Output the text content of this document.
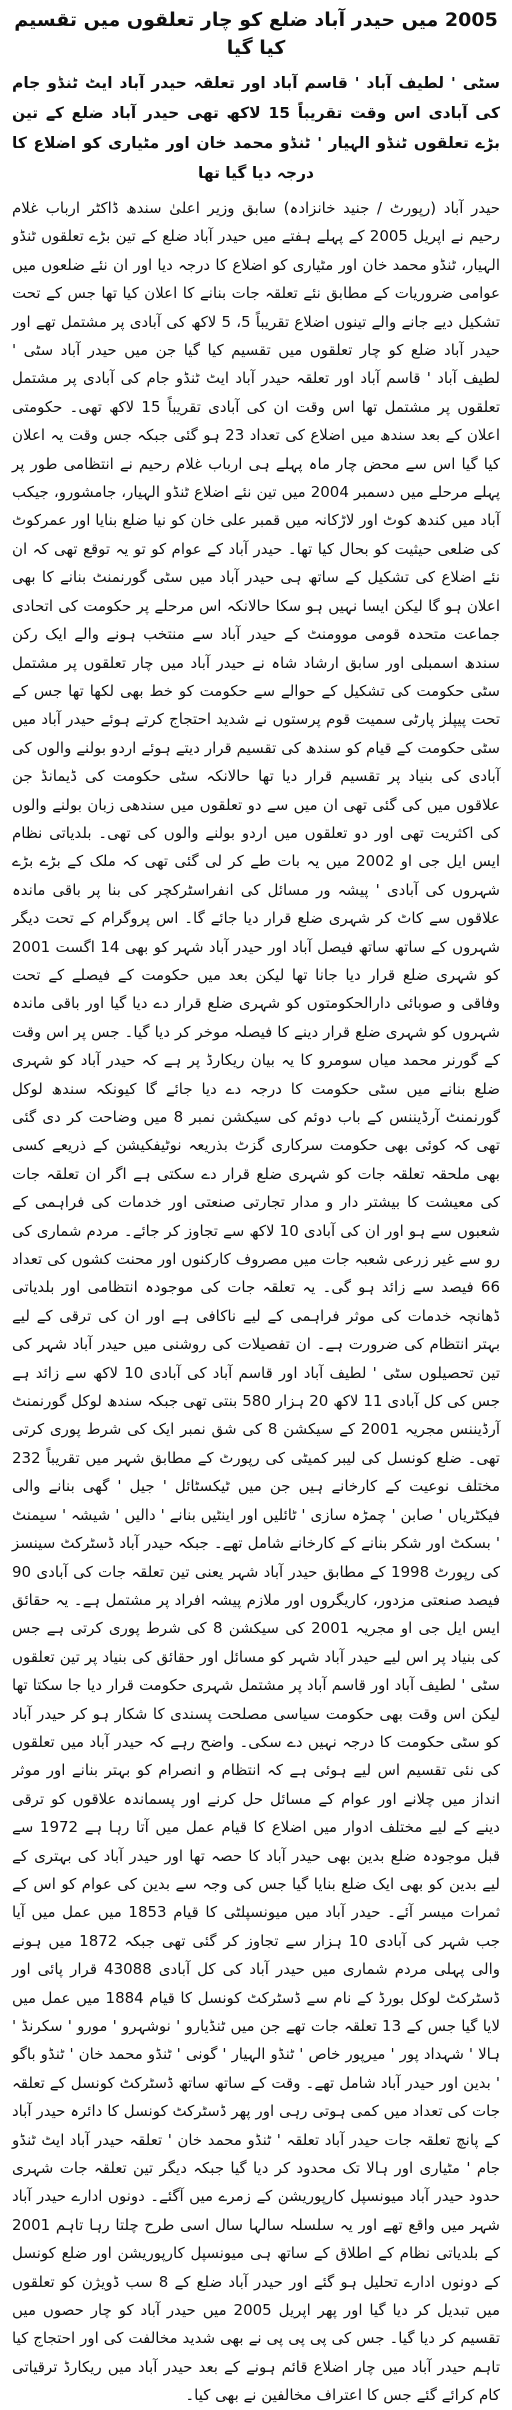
2005 میں حیدر آباد ضلع کو چار تعلقوں میں تقسیم کیا گیا
سٹی ' لطیف آباد ' قاسم آباد اور تعلقہ حیدر آباد ایٹ ٹنڈو جام کی آبادی اس وقت تقریباً 15 لاکھ تھی حیدر آباد ضلع کے تین بڑے تعلقوں ٹنڈو الہیار ' ٹنڈو محمد خان اور مٹیاری کو اضلاع کا درجہ دیا گیا تھا

حیدر آباد (رپورٹ / جنید خانزادہ) سابق وزیر اعلیٰ سندھ ڈاکٹر ارباب غلام رحیم نے اپریل 2005 کے پہلے ہفتے میں حیدر آباد ضلع کے تین بڑے تعلقوں ٹنڈو الہیار، ٹنڈو محمد خان اور مٹیاری کو اضلاع کا درجہ دیا اور ان نئے ضلعوں میں عوامی ضروریات کے مطابق نئے تعلقہ جات بنانے کا اعلان کیا تھا جس کے تحت تشکیل دیے جانے والے تینوں اضلاع تقریباً 5، 5 لاکھ کی آبادی پر مشتمل تھے اور حیدر آباد ضلع کو چار تعلقوں میں تقسیم کیا گیا جن میں حیدر آباد سٹی ' لطیف آباد ' قاسم آباد اور تعلقہ حیدر آباد ایٹ ٹنڈو جام کی آبادی پر مشتمل تعلقوں پر مشتمل تھا اس وقت ان کی آبادی تقریباً 15 لاکھ تھی۔ حکومتی اعلان کے بعد سندھ میں اضلاع کی تعداد 23 ہو گئی جبکہ جس وقت یہ اعلان کیا گیا اس سے محض چار ماہ پہلے ہی ارباب غلام رحیم نے انتظامی طور پر پہلے مرحلے میں دسمبر 2004 میں تین نئے اضلاع ٹنڈو الہیار، جامشورو، جیکب آباد میں کندھ کوٹ اور لاڑکانہ میں قمبر علی خان کو نیا ضلع بنایا اور عمرکوٹ کی ضلعی حیثیت کو بحال کیا تھا۔ حیدر آباد کے عوام کو تو یہ توقع تھی کہ ان نئے اضلاع کی تشکیل کے ساتھ ہی حیدر آباد میں سٹی گورنمنٹ بنانے کا بھی اعلان ہو گا لیکن ایسا نہیں ہو سکا حالانکہ اس مرحلے پر حکومت کی اتحادی جماعت متحدہ قومی موومنٹ کے حیدر آباد سے منتخب ہونے والے ایک رکن سندھ اسمبلی اور سابق ارشاد شاہ نے حیدر آباد میں چار تعلقوں پر مشتمل سٹی حکومت کی تشکیل کے حوالے سے حکومت کو خط بھی لکھا تھا جس کے تحت پیپلز پارٹی سمیت قوم پرستوں نے شدید احتجاج کرتے ہوئے حیدر آباد میں سٹی حکومت کے قیام کو سندھ کی تقسیم قرار دیتے ہوئے اردو بولنے والوں کی آبادی کی بنیاد پر تقسیم قرار دیا تھا حالانکہ سٹی حکومت کی ڈیمانڈ جن علاقوں میں کی گئی تھی ان میں سے دو تعلقوں میں سندھی زبان بولنے والوں کی اکثریت تھی اور دو تعلقوں میں اردو بولنے والوں کی تھی۔ بلدیاتی نظام ایس ایل جی او 2002 میں یہ بات طے کر لی گئی تھی کہ ملک کے بڑے بڑے شہروں کی آبادی ' پیشہ ور مسائل کی انفراسٹرکچر کی بنا پر باقی ماندہ علاقوں سے کاٹ کر شہری ضلع قرار دیا جائے گا۔ اس پروگرام کے تحت دیگر شہروں کے ساتھ ساتھ فیصل آباد اور حیدر آباد شہر کو بھی 14 اگست 2001 کو شہری ضلع قرار دیا جانا تھا لیکن بعد میں حکومت کے فیصلے کے تحت وفاقی و صوبائی دارالحکومتوں کو شہری ضلع قرار دے دیا گیا اور باقی ماندہ شہروں کو شہری ضلع قرار دینے کا فیصلہ موخر کر دیا گیا۔ جس پر اس وقت کے گورنر محمد میاں سومرو کا یہ بیان ریکارڈ پر ہے کہ حیدر آباد کو شہری ضلع بنانے میں سٹی حکومت کا درجہ دے دیا جائے گا کیونکہ سندھ لوکل گورنمنٹ آرڈیننس کے باب دوئم کی سیکشن نمبر 8 میں وضاحت کر دی گئی تھی کہ کوئی بھی حکومت سرکاری گزٹ بذریعہ نوٹیفکیشن کے ذریعے کسی بھی ملحقہ تعلقہ جات کو شہری ضلع قرار دے سکتی ہے اگر ان تعلقہ جات کی معیشت کا بیشتر دار و مدار تجارتی صنعتی اور خدمات کی فراہمی کے شعبوں سے ہو اور ان کی آبادی 10 لاکھ سے تجاوز کر جائے۔ مردم شماری کی رو سے غیر زرعی شعبہ جات میں مصروف کارکنوں اور محنت کشوں کی تعداد 66 فیصد سے زائد ہو گی۔ یہ تعلقہ جات کی موجودہ انتظامی اور بلدیاتی ڈھانچہ خدمات کی موثر فراہمی کے لیے ناکافی ہے اور ان کی ترقی کے لیے بہتر انتظام کی ضرورت ہے۔ ان تفصیلات کی روشنی میں حیدر آباد شہر کی تین تحصیلوں سٹی ' لطیف آباد اور قاسم آباد کی آبادی 10 لاکھ سے زائد ہے جس کی کل آبادی 11 لاکھ 20 ہزار 580 بنتی تھی جبکہ سندھ لوکل گورنمنٹ آرڈیننس مجریہ 2001 کے سیکشن 8 کی شق نمبر ایک کی شرط پوری کرتی تھی۔ ضلع کونسل کی لیبر کمیٹی کی رپورٹ کے مطابق شہر میں تقریباً 232 مختلف نوعیت کے کارخانے ہیں جن میں ٹیکسٹائل ' جیل ' گھی بنانے والی فیکٹریاں ' صابن ' چمڑہ سازی ' ٹائلیں اور اینٹیں بنانے ' دالیں ' شیشہ ' سیمنٹ ' بسکٹ اور شکر بنانے کے کارخانے شامل تھے۔ جبکہ حیدر آباد ڈسٹرکٹ سینسز کی رپورٹ 1998 کے مطابق حیدر آباد شہر یعنی تین تعلقہ جات کی آبادی 90 فیصد صنعتی مزدور، کاریگروں اور ملازم پیشہ افراد پر مشتمل ہے۔ یہ حقائق ایس ایل جی او مجریہ 2001 کی سیکشن 8 کی شرط پوری کرتی ہے جس کی بنیاد پر اس لیے حیدر آباد شہر کو مسائل اور حقائق کی بنیاد پر تین تعلقوں سٹی ' لطیف آباد اور قاسم آباد پر مشتمل شہری حکومت قرار دیا جا سکتا تھا لیکن اس وقت بھی حکومت سیاسی مصلحت پسندی کا شکار ہو کر حیدر آباد کو سٹی حکومت کا درجہ نہیں دے سکی۔ واضح رہے کہ حیدر آباد میں تعلقوں کی نئی تقسیم اس لیے ہوئی ہے کہ انتظام و انصرام کو بہتر بنانے اور موثر انداز میں چلانے اور عوام کے مسائل حل کرنے اور پسماندہ علاقوں کو ترقی دینے کے لیے مختلف ادوار میں اضلاع کا قیام عمل میں آتا رہا ہے 1972 سے قبل موجودہ ضلع بدین بھی حیدر آباد کا حصہ تھا اور حیدر آباد کی بہتری کے لیے بدین کو بھی ایک ضلع بنایا گیا جس کی وجہ سے بدین کی عوام کو اس کے ثمرات میسر آئے۔ حیدر آباد میں میونسپلٹی کا قیام 1853 میں عمل میں آیا جب شہر کی آبادی 10 ہزار سے تجاوز کر گئی تھی جبکہ 1872 میں ہونے والی پہلی مردم شماری میں حیدر آباد کی کل آبادی 43088 قرار پائی اور ڈسٹرکٹ لوکل بورڈ کے نام سے ڈسٹرکٹ کونسل کا قیام 1884 میں عمل میں لایا گیا جس کے 13 تعلقہ جات تھے جن میں ٹنڈیارو ' نوشہرو ' مورو ' سکرنڈ ' ہالا ' شہداد پور ' میرپور خاص ' ٹنڈو الہیار ' گونی ' ٹنڈو محمد خان ' ٹنڈو باگو ' بدین اور حیدر آباد شامل تھے۔ وقت کے ساتھ ساتھ ڈسٹرکٹ کونسل کے تعلقہ جات کی تعداد میں کمی ہوتی رہی اور پھر ڈسٹرکٹ کونسل کا دائرہ حیدر آباد کے پانچ تعلقہ جات حیدر آباد تعلقہ ' ٹنڈو محمد خان ' تعلقہ حیدر آباد ایٹ ٹنڈو جام ' مٹیاری اور ہالا تک محدود کر دیا گیا جبکہ دیگر تین تعلقہ جات شہری حدود حیدر آباد میونسپل کارپوریشن کے زمرے میں آگئے۔ دونوں ادارے حیدر آباد شہر میں واقع تھے اور یہ سلسلہ سالہا سال اسی طرح چلتا رہا تاہم 2001 کے بلدیاتی نظام کے اطلاق کے ساتھ ہی میونسپل کارپوریشن اور ضلع کونسل کے دونوں ادارے تحلیل ہو گئے اور حیدر آباد ضلع کے 8 سب ڈویژن کو تعلقوں میں تبدیل کر دیا گیا اور پھر اپریل 2005 میں حیدر آباد کو چار حصوں میں تقسیم کر دیا گیا۔ جس کی پی پی پی نے بھی شدید مخالفت کی اور احتجاج کیا تاہم حیدر آباد میں چار اضلاع قائم ہونے کے بعد حیدر آباد میں ریکارڈ ترقیاتی کام کرائے گئے جس کا اعتراف مخالفین نے بھی کیا۔
